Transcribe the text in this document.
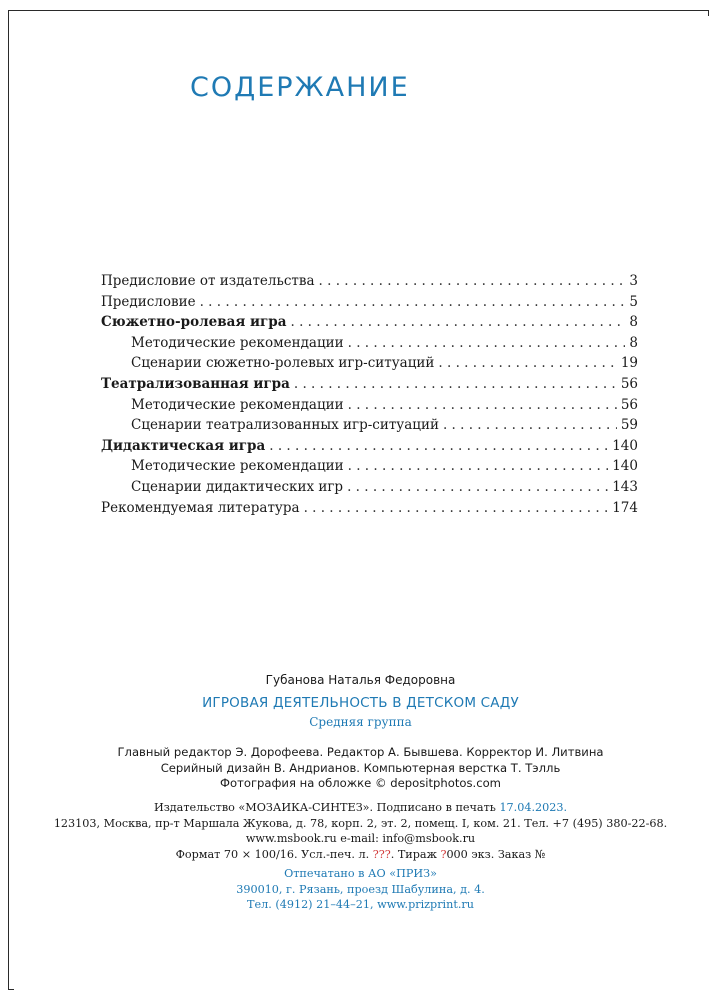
СОДЕРЖАНИЕ
Предисловие от издательства . . .	3
Предисловие . . .	5
Сюжетно-ролевая игра . . .	8
Методические рекомендации . . .	8
Сценарии сюжетно-ролевых игр-ситуаций . . .	19
Театрализованная игра . . .	56
Методические рекомендации . . .	56
Сценарии театрализованных игр-ситуаций . . .	59
Дидактическая игра . . .	140
Методические рекомендации . . .	140
Сценарии дидактических игр . . .	143
Рекомендуемая литература . . .	174
Губанова Наталья Федоровна
ИГРОВАЯ ДЕЯТЕЛЬНОСТЬ В ДЕТСКОМ САДУ
Средняя группа
Главный редактор Э. Дорофеева. Редактор А. Бывшева. Корректор И. Литвина
Серийный дизайн В. Андрианов. Компьютерная верстка Т. Тэлль
Фотография на обложке © depositphotos.com
Издательство «МОЗАИКА-СИНТЕЗ». Подписано в печать 17.04.2023.
123103, Москва, пр-т Маршала Жукова, д. 78, корп. 2, эт. 2, помещ. I, ком. 21. Тел. +7 (495) 380-22-68.
www.msbook.ru e-mail: info@msbook.ru
Формат 70 × 100/16. Усл.-печ. л. ???. Тираж ?000 экз. Заказ №
Отпечатано в АО «ПРИЗ»
390010, г. Рязань, проезд Шабулина, д. 4.
Тел. (4912) 21–44–21, www.prizprint.ru
